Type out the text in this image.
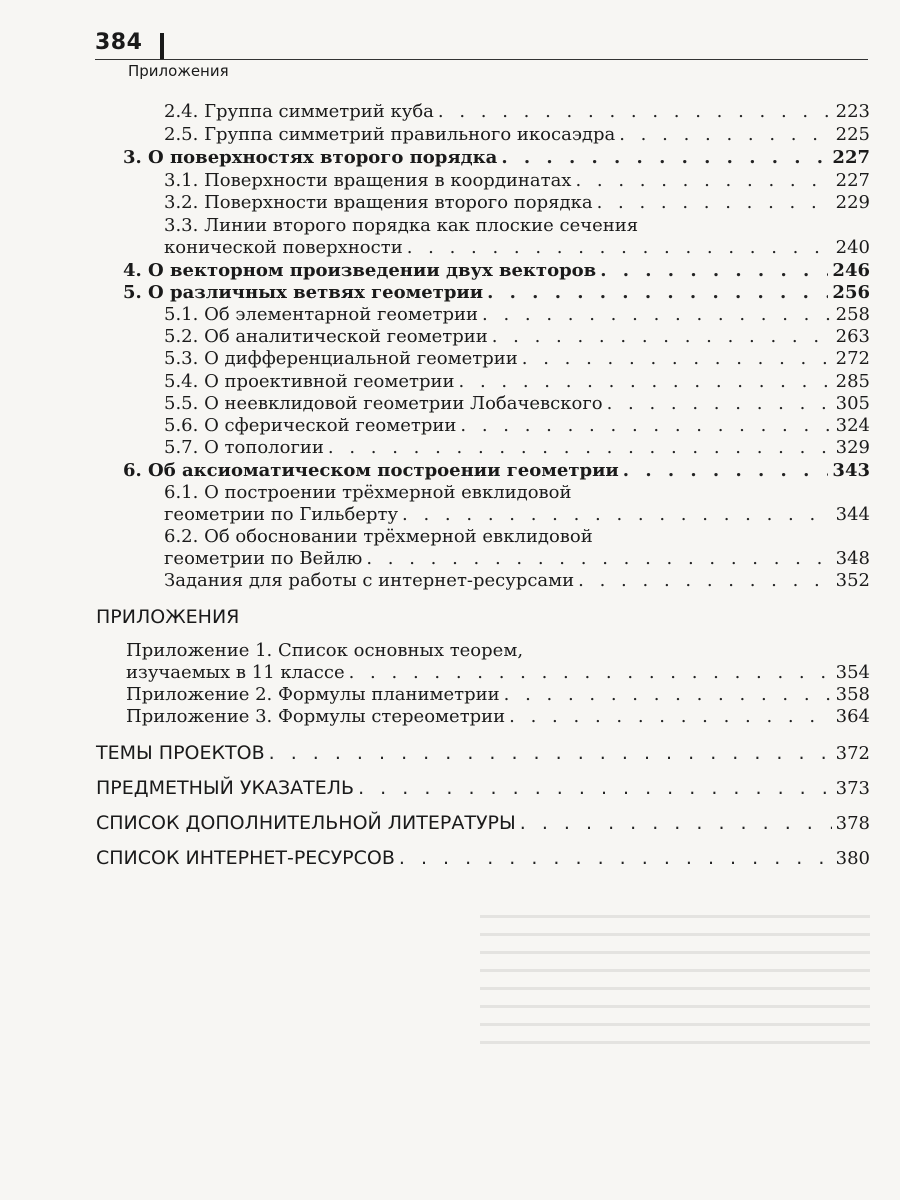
384
Приложения
2.4. Группа симметрий куба . . .	223
2.5. Группа симметрий правильного икосаэдра . . .	225
3. О поверхностях второго порядка . . .	227
3.1. Поверхности вращения в координатах . . .	227
3.2. Поверхности вращения второго порядка . . .	229
3.3. Линии второго порядка как плоские сечения
конической поверхности . . .	240
4. О векторном произведении двух векторов . . .	246
5. О различных ветвях геометрии . . .	256
5.1. Об элементарной геометрии . . .	258
5.2. Об аналитической геометрии . . .	263
5.3. О дифференциальной геометрии . . .	272
5.4. О проективной геометрии . . .	285
5.5. О неевклидовой геометрии Лобачевского . . .	305
5.6. О сферической геометрии . . .	324
5.7. О топологии . . .	329
6. Об аксиоматическом построении геометрии . . .	343
6.1. О построении трёхмерной евклидовой
геометрии по Гильберту . . .	344
6.2. Об обосновании трёхмерной евклидовой
геометрии по Вейлю . . .	348
Задания для работы с интернет-ресурсами . . .	352
ПРИЛОЖЕНИЯ
Приложение 1. Список основных теорем,
изучаемых в 11 классе . . .	354
Приложение 2. Формулы планиметрии . . .	358
Приложение 3. Формулы стереометрии . . .	364
ТЕМЫ ПРОЕКТОВ . . .	372
ПРЕДМЕТНЫЙ УКАЗАТЕЛЬ . . .	373
СПИСОК ДОПОЛНИТЕЛЬНОЙ ЛИТЕРАТУРЫ . . .	378
СПИСОК ИНТЕРНЕТ-РЕСУРСОВ . . .	380
